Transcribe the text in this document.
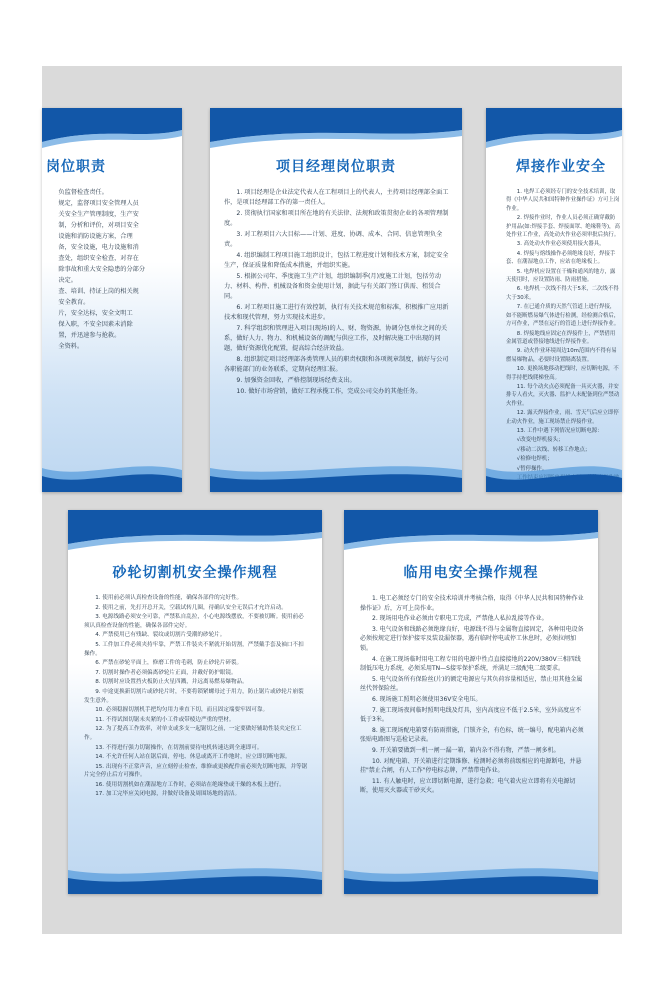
岗位职责

负监督检查责任。

规定，监督项目安全管理人员

关安全生产管理制度，生产安

制，分析和评价，对项目安全

设施和消防设施方案，合理

备，安全设施，电力设施和消

查处，组织安全检查，对存在

除事故和重大安全隐患的分部分

决定。

查、培训、持证上岗的相关规

安全教育。

片，安全达标，安全文明工

保入职，不安全因素未消除

置，并迅速参与抢救。

全资料。

项目经理岗位职责

1. 项目经理是企业法定代表人在工程项目上的代表人，主持项目经理部全面工作，是项目经理部工作的第一责任人。

2. 贯彻执行国家和项目所在地的有关法律、法规和政策贯彻企业的各项管理制度。

3. 对工程项目六大目标——计划、进度、协调、成本、合同、信息管理负全责。

4. 组织编制工程项目施工组织设计，包括工程进度计划和技术方案，制定安全生产，保证质量和降低成本措施，并组织实施。

5. 根据公司年、季度施工生产计划，组织编制季(月)度施工计划，包括劳动力、材料、构件、机械设备和资金使用计划，据此与有关部门签订供需、租赁合同。

6. 对工程项目施工进行有效控制，执行有关技术规范和标准，积极推广应用新技术和现代管理，努力实现技术进步。

7. 科学组织和管理进入项目(现场)的人、财、物资源，协调分包单位之间的关系，做好人力、物力、和机械设备的调配与供应工作，及时解决施工中出现的问题，做好资源优化配置，提高综合经济效益。

8. 组织制定项目经理部各类管理人员的职责权限和各项规章制度，搞好与公司各职能部门的业务联系，定期向经理汇报。

9. 加强资金回收，严格控制现场经费支出。

10. 做好市场营销，做好工程承揽工作，完成公司交办的其他任务。

焊接作业安全

1. 电焊工必须经专门的安全技术培训，取得《中华人民共和国特种作业操作证》方可上岗作业。

2. 焊接作业时，作业人员必须正确穿戴防护用品(如:焊接手套、焊接面罩、绝缘鞋等)，高处作业工作业，高处动火作业必须审批后执行。

3. 高处动火作业必须使用接火器具，

4. 焊接与熔线操作必须绝缘良好，焊接手套、在潮湿地点工作，应站在绝缘板上。

5. 电焊机应设置在干燥和通风的地方，露天使用时，应设置防雨、防雨措施。

6. 电焊机一次线不得大于5米，二次线不得大于30米。

7. 在已通介质的天然气管道上进行焊接，如不能断燃易爆气体进行检测，经检测合格后，方可作业，严禁在运行的管道上进行焊接作业。

8. 焊接地线应固定在焊接件上，严禁借用金属管道或替接地线进行焊接作业。

9. 动火作业环境周边10m范围内不得有易燃易爆物品，必要时设置隔离装置。

10. 更换场地移动把线时，应切断电源，不得手持把线爬梯登高。

11. 每个动火点必须配备一具灭火器，并安排专人看火，灭火器、监护人未配备到位严禁动火作业。

12. 露天焊接作业，雨、雪天气后应立即停止动火作业，施工现场禁止焊接作业。

13. 工作中遇下列情况应切断电源：

√改变电焊机接头；

√移动二次线、转移工作地点；

√检修电焊机；

√暂停操作。

砂轮切割机安全操作规程

1. 使用前必须认真检查设备的性能，确保各部件的完好性。

2. 使用之前，先打开总开关，空载试转几圈，待确认安全无误后才允许启动。

3. 电源线路必须安全可靠，严禁私自乱拉，小心电源线摆放，不要被切断。使用前必须认真检查设备的性能，确保各部件完好。

4. 严禁使用已有残缺、裂纹或切割片受潮的砂轮片。

5. 工件加工件必须夹持牢靠，严禁工件装夹不紧就开始切割，严禁戴手套及袖口不扣操作。

6. 严禁在砂轮平面上，修磨工件的毛刺，防止砂轮片碎裂。

7. 切割时操作者必须偏离砂轮片正面，并戴好防护眼镜。

8. 切割时应设置挡火板防止火星四溅，并远离易燃易爆物品。

9. 中途更换新切割片或砂轮片时，不要将锁紧螺母过于用力，防止锯片或砂轮片崩裂发生意外。

10. 必须稳握切割机手把均匀用力垂直下切，而且固定端要牢固可靠。

11. 不得试图切锯未夹紧的小工件或带棱边严重的型材。

12. 为了提高工作效率，对单支或多支一起锯切之前，一定要做好辅助性装夹定位工作。

13. 不得进行强力切锯操作，在切割前要待电机转速达到全速即可。

14. 不允许任何人站在锯后面，停电、休息或离开工作地时，应立即切断电源。

15. 出现有不正常声音，应立刻停止检查，维修或更换配件前必须先切断电源，并等锯片完全停止后方可操作。

16. 使用切割机如在潮湿地方工作时，必须站在绝缘垫或干燥的木板上进行。

17. 加工完毕应关闭电源，并做好设备及周围场地的清洁。

临用电安全操作规程

1. 电工必须经专门的安全技术培训并考核合格，取得《中华人民共和国特种作业操作证》后，方可上岗作业。

2. 现场用电作业必须由专职电工完成，严禁他人私拉乱接等作业。

3. 电气设备和线路必须绝缘良好，电源线不得与金属物直接固定，各种用电设备必须按规定进行保护接零及装设漏保器，遇有临时停电或停工休息时，必须拉闸加锁。

4. 在施工现场临时用电工程专用的电源中性点直接接地的220V/380V三相四线制低压电力系统，必须采用TN—S接零保护系统，并满足三级配电二级要求。

5. 电气设备所有保险丝(片)的额定电源应与其负荷容量相适应，禁止用其他金属丝代替保险丝。

6. 现场施工照明必须使用36V安全电压。

7. 施工现场夜间临时照明电线及灯具，室内高度应不低于2.5米，室外高度应不低于3米。

8. 施工现场配电箱要有防雨措施，门锁齐全，有色标，统一编号，配电箱内必须张贴电路图与巡检记录表。

9. 开关箱要做到一机一闸一漏一箱，箱内杂不得有物，严禁一闸多机。

10. 对配电箱、开关箱进行定期维修、检测时必须将前级相应的电源断电，并悬挂"禁止合闸，有人工作"停电标志牌，严禁带电作业。

11. 有人触电时，应立即切断电源，进行急救；电气着火应立即将有关电源切断，使用灭火器或干砂灭火。
